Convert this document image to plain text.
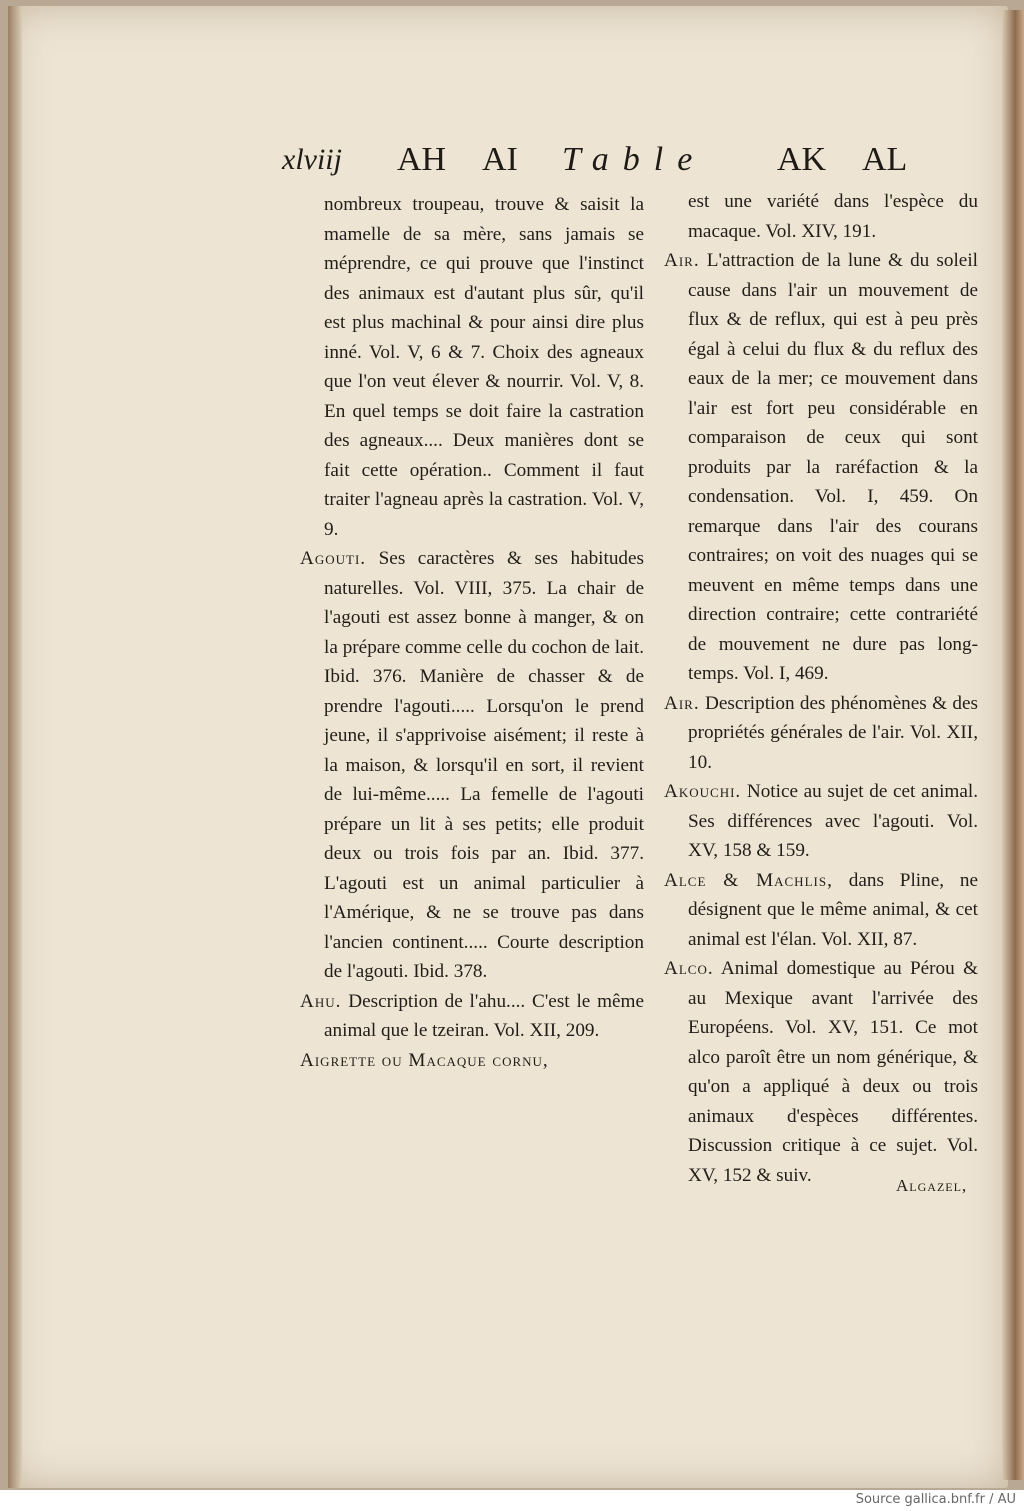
xlviij AH AI Table AK AL

nombreux troupeau, trouve & saisit la mamelle de sa mère, sans jamais se méprendre, ce qui prouve que l'instinct des animaux est d'autant plus sûr, qu'il est plus machinal & pour ainsi dire plus inné. Vol. V, 6 & 7. Choix des agneaux que l'on veut élever & nourrir. Vol. V, 8. En quel temps se doit faire la castration des agneaux.... Deux manières dont se fait cette opération.. Comment il faut traiter l'agneau après la castration. Vol. V, 9.

Agouti. Ses caractères & ses habitudes naturelles. Vol. VIII, 375. La chair de l'agouti est assez bonne à manger, & on la prépare comme celle du cochon de lait. Ibid. 376. Manière de chasser & de prendre l'agouti..... Lorsqu'on le prend jeune, il s'apprivoise aisément; il reste à la maison, & lorsqu'il en sort, il revient de lui-même..... La femelle de l'agouti prépare un lit à ses petits; elle produit deux ou trois fois par an. Ibid. 377. L'agouti est un animal particulier à l'Amérique, & ne se trouve pas dans l'ancien continent..... Courte description de l'agouti. Ibid. 378.

Ahu. Description de l'ahu.... C'est le même animal que le tzeiran. Vol. XII, 209.

Aigrette ou Macaque cornu,

est une variété dans l'espèce du macaque. Vol. XIV, 191.

Air. L'attraction de la lune & du soleil cause dans l'air un mouvement de flux & de reflux, qui est à peu près égal à celui du flux & du reflux des eaux de la mer; ce mouvement dans l'air est fort peu considérable en comparaison de ceux qui sont produits par la raréfaction & la condensation. Vol. I, 459. On remarque dans l'air des courans contraires; on voit des nuages qui se meuvent en même temps dans une direction contraire; cette contrariété de mouvement ne dure pas long-temps. Vol. I, 469.

Air. Description des phénomènes & des propriétés générales de l'air. Vol. XII, 10.

Akouchi. Notice au sujet de cet animal. Ses différences avec l'agouti. Vol. XV, 158 & 159.

Alce & Machlis, dans Pline, ne désignent que le même animal, & cet animal est l'élan. Vol. XII, 87.

Alco. Animal domestique au Pérou & au Mexique avant l'arrivée des Européens. Vol. XV, 151. Ce mot alco paroît être un nom générique, & qu'on a appliqué à deux ou trois animaux d'espèces différentes. Discussion critique à ce sujet. Vol. XV, 152 & suiv.	Algazel,
Source gallica.bnf.fr / AU
